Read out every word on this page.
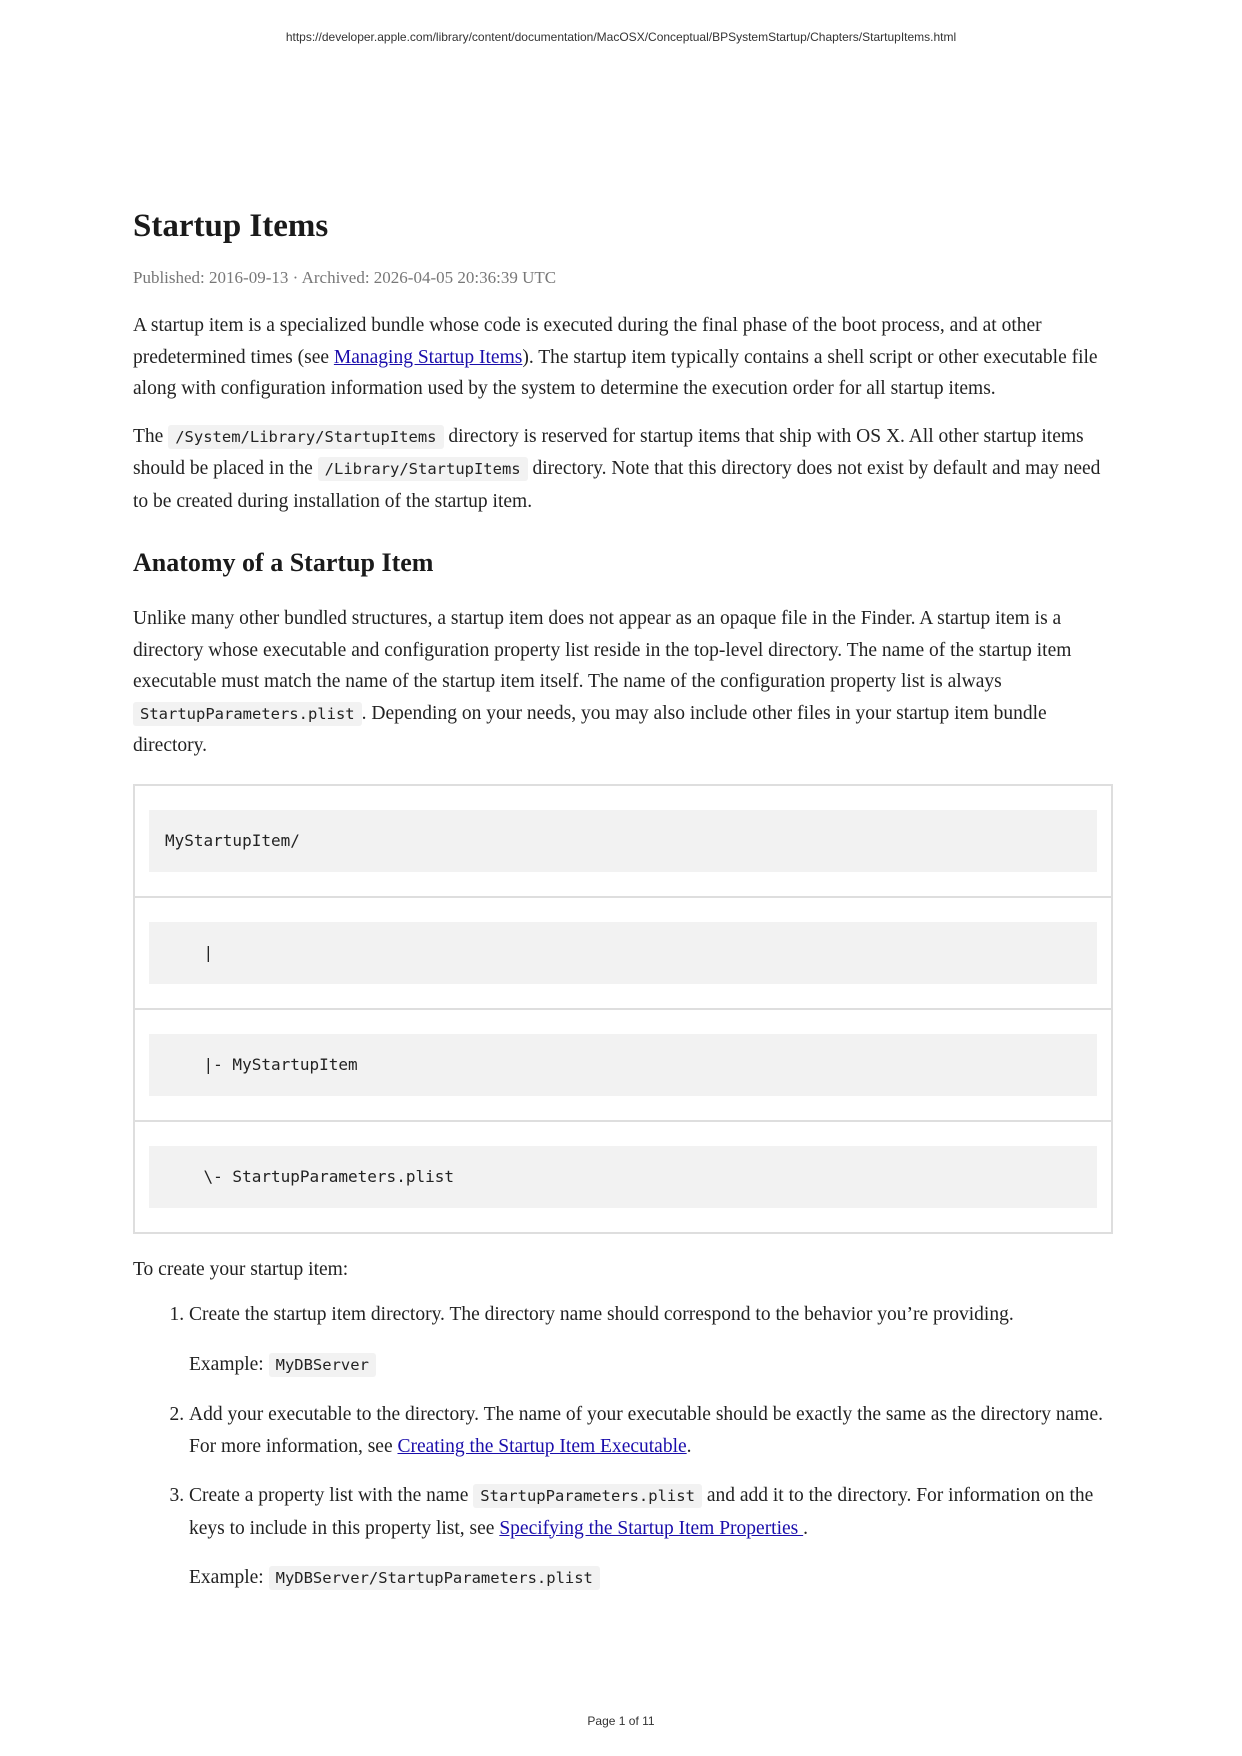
https://developer.apple.com/library/content/documentation/MacOSX/Conceptual/BPSystemStartup/Chapters/StartupItems.html
Startup Items
Published: 2016-09-13 · Archived: 2026-04-05 20:36:39 UTC

A startup item is a specialized bundle whose code is executed during the final phase of the boot process, and at other predetermined times (see Managing Startup Items). The startup item typically contains a shell script or other executable file along with configuration information used by the system to determine the execution order for all startup items.

The /System/Library/StartupItems directory is reserved for startup items that ship with OS X. All other startup items should be placed in the /Library/StartupItems directory. Note that this directory does not exist by default and may need to be created during installation of the startup item.

Anatomy of a Startup Item

Unlike many other bundled structures, a startup item does not appear as an opaque file in the Finder. A startup item is a directory whose executable and configuration property list reside in the top-level directory. The name of the startup item executable must match the name of the startup item itself. The name of the configuration property list is always StartupParameters.plist . Depending on your needs, you may also include other files in your startup item bundle directory.

MyStartupItem/
|
|- MyStartupItem
\- StartupParameters.plist

To create your startup item:

1. Create the startup item directory. The directory name should correspond to the behavior you’re providing.
Example: MyDBServer
2. Add your executable to the directory. The name of your executable should be exactly the same as the directory name. For more information, see Creating the Startup Item Executable.
3. Create a property list with the name StartupParameters.plist and add it to the directory. For information on the keys to include in this property list, see Specifying the Startup Item Properties .
Example: MyDBServer/StartupParameters.plist
Page 1 of 11
